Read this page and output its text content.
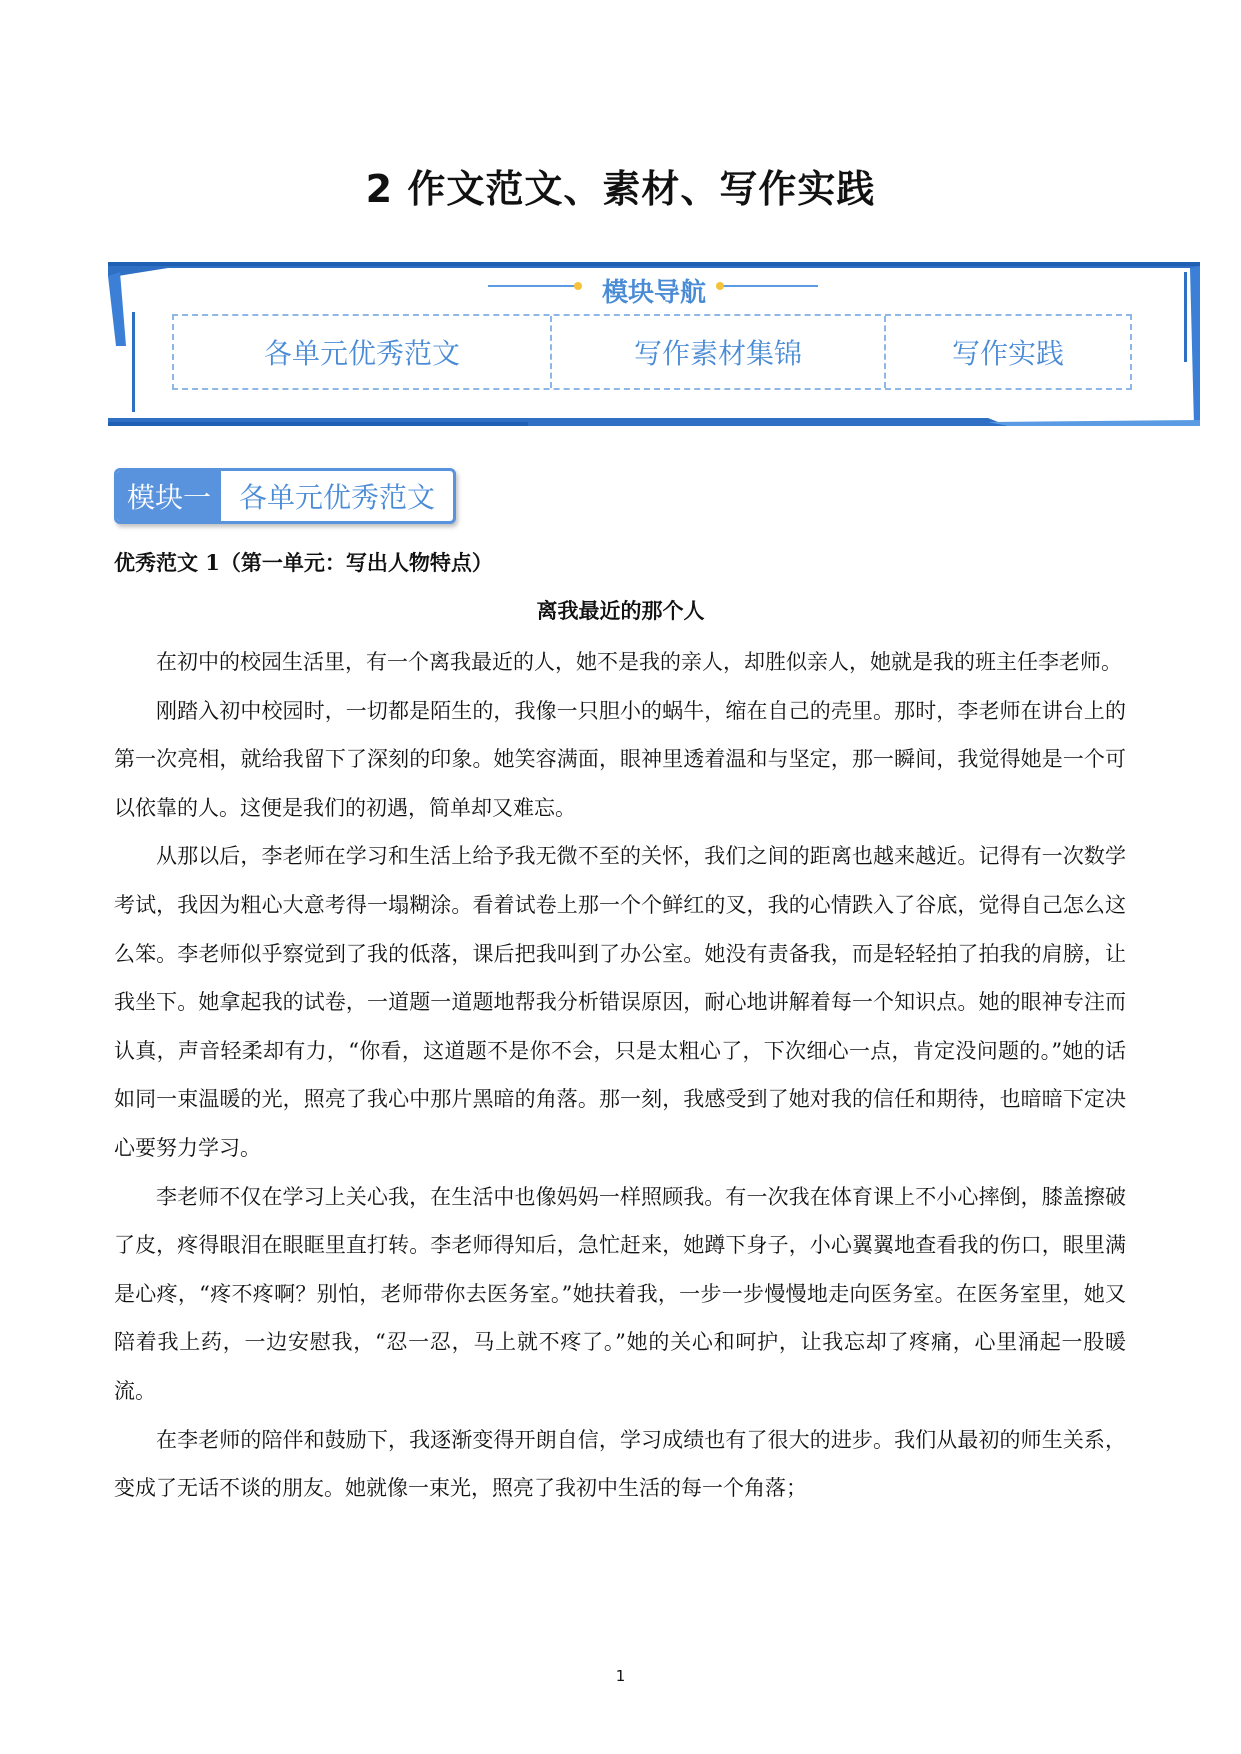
2 作文范文、素材、写作实践
模块导航
各单元优秀范文	写作素材集锦	写作实践
模块一	各单元优秀范文
优秀范文 1（第一单元：写出人物特点）
离我最近的那个人

在初中的校园生活里，有一个离我最近的人，她不是我的亲人，却胜似亲人，她就是我的班主任李老师。

刚踏入初中校园时，一切都是陌生的，我像一只胆小的蜗牛，缩在自己的壳里。那时，李老师在讲台上的第一次亮相，就给我留下了深刻的印象。她笑容满面，眼神里透着温和与坚定，那一瞬间，我觉得她是一个可以依靠的人。这便是我们的初遇，简单却又难忘。

从那以后，李老师在学习和生活上给予我无微不至的关怀，我们之间的距离也越来越近。记得有一次数学考试，我因为粗心大意考得一塌糊涂。看着试卷上那一个个鲜红的叉，我的心情跌入了谷底，觉得自己怎么这么笨。李老师似乎察觉到了我的低落，课后把我叫到了办公室。她没有责备我，而是轻轻拍了拍我的肩膀，让我坐下。她拿起我的试卷，一道题一道题地帮我分析错误原因，耐心地讲解着每一个知识点。她的眼神专注而认真，声音轻柔却有力，“你看，这道题不是你不会，只是太粗心了，下次细心一点，肯定没问题的。”她的话如同一束温暖的光，照亮了我心中那片黑暗的角落。那一刻，我感受到了她对我的信任和期待，也暗暗下定决心要努力学习。

李老师不仅在学习上关心我，在生活中也像妈妈一样照顾我。有一次我在体育课上不小心摔倒，膝盖擦破了皮，疼得眼泪在眼眶里直打转。李老师得知后，急忙赶来，她蹲下身子，小心翼翼地查看我的伤口，眼里满是心疼，“疼不疼啊？别怕，老师带你去医务室。”她扶着我，一步一步慢慢地走向医务室。在医务室里，她又陪着我上药，一边安慰我，“忍一忍，马上就不疼了。”她的关心和呵护，让我忘却了疼痛，心里涌起一股暖流。

在李老师的陪伴和鼓励下，我逐渐变得开朗自信，学习成绩也有了很大的进步。我们从最初的师生关系，变成了无话不谈的朋友。她就像一束光，照亮了我初中生活的每一个角落；

1
